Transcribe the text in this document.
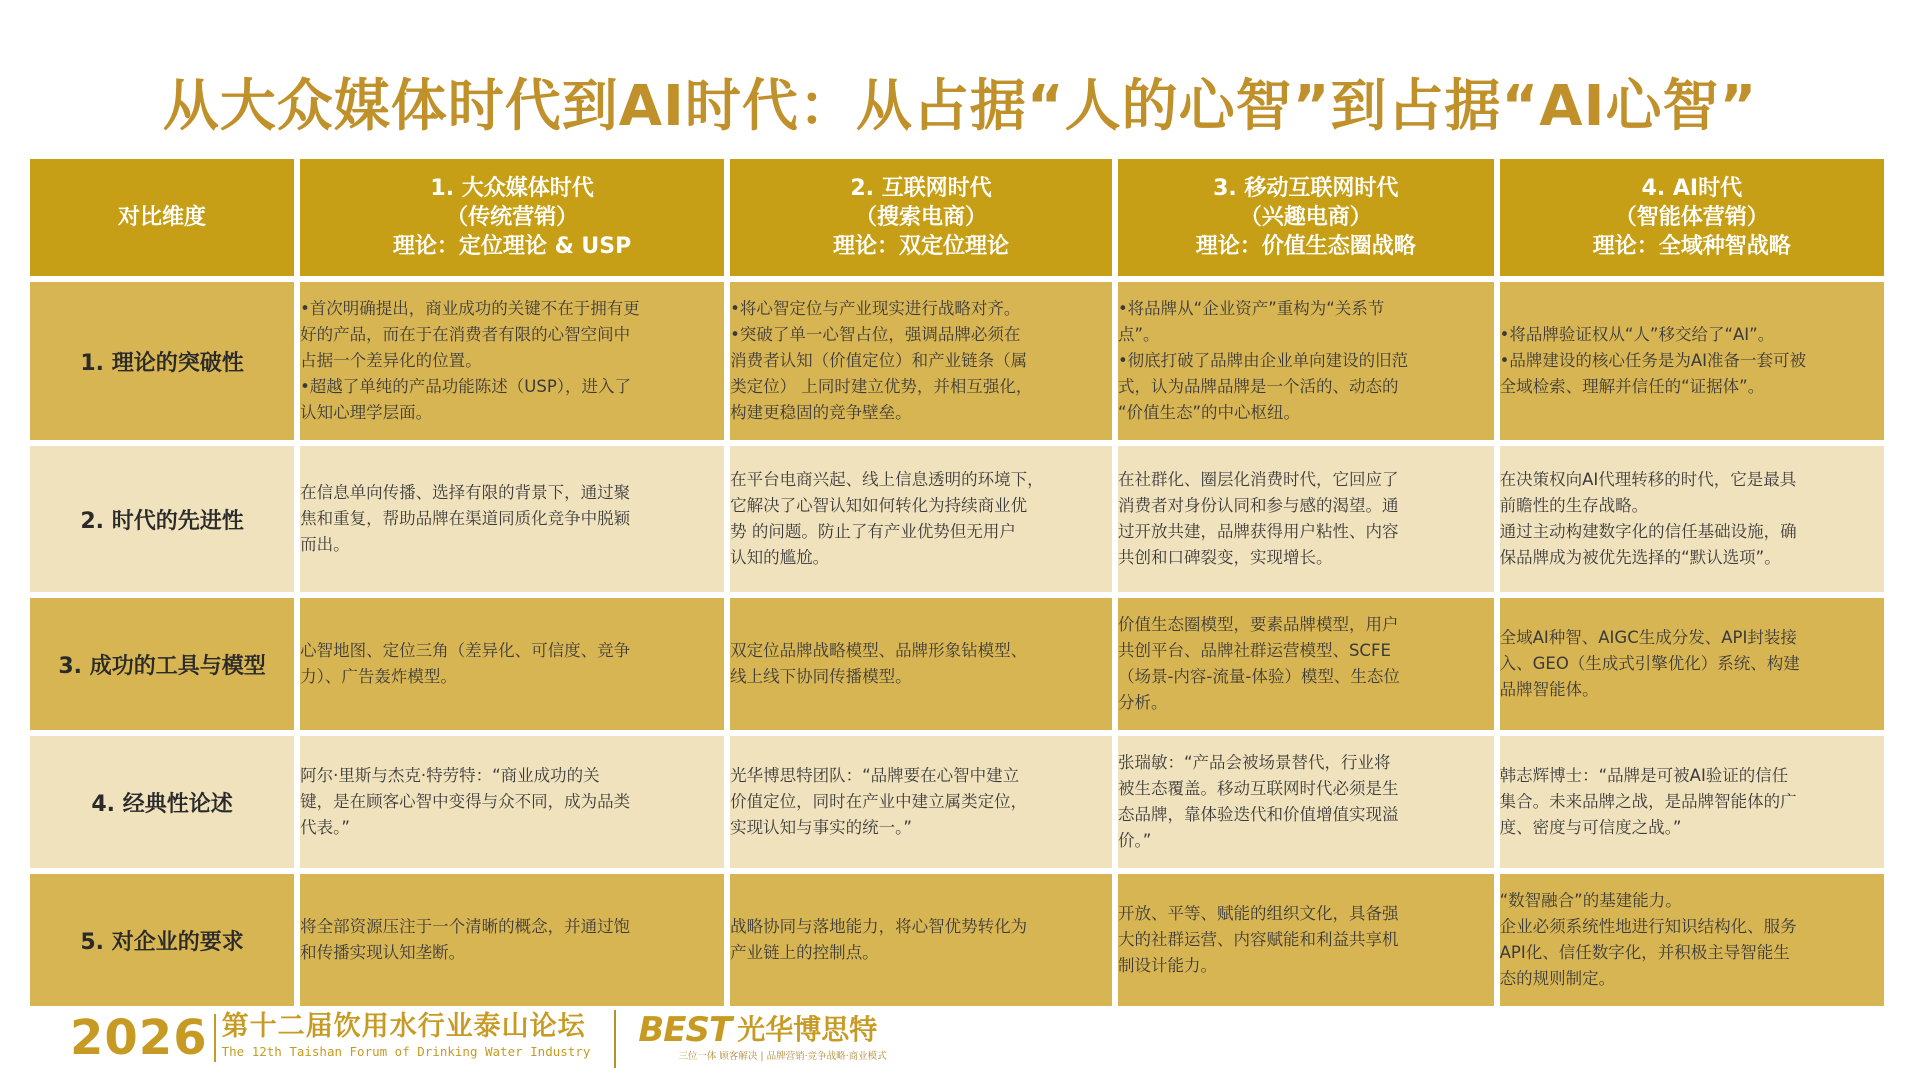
从大众媒体时代到AI时代：从占据“人的心智”到占据“AI心智”
对比维度	1. 大众媒体时代
（传统营销）
理论：定位理论 & USP	2. 互联网时代
（搜索电商）
理论：双定位理论	3. 移动互联网时代
（兴趣电商）
理论：价值生态圈战略	4. AI时代
（智能体营销）
理论：全域种智战略

1. 理论的突破性	•首次明确提出，商业成功的关键不在于拥有更
好的产品，而在于在消费者有限的心智空间中
占据一个差异化的位置。
•超越了单纯的产品功能陈述（USP），进入了
认知心理学层面。	•将心智定位与产业现实进行战略对齐。
•突破了单一心智占位，强调品牌必须在
消费者认知（价值定位）和产业链条（属
类定位） 上同时建立优势，并相互强化，
构建更稳固的竞争壁垒。	•将品牌从“企业资产”重构为“关系节
点”。
•彻底打破了品牌由企业单向建设的旧范
式，认为品牌品牌是一个活的、动态的
“价值生态”的中心枢纽。	•将品牌验证权从“人”移交给了“AI”。
•品牌建设的核心任务是为AI准备一套可被
全域检索、理解并信任的“证据体”。

2. 时代的先进性	在信息单向传播、选择有限的背景下，通过聚
焦和重复，帮助品牌在渠道同质化竞争中脱颖
而出。	在平台电商兴起、线上信息透明的环境下，
它解决了心智认知如何转化为持续商业优
势 的问题。防止了有产业优势但无用户
认知的尴尬。	在社群化、圈层化消费时代，它回应了
消费者对身份认同和参与感的渴望。通
过开放共建，品牌获得用户粘性、内容
共创和口碑裂变，实现增长。	在决策权向AI代理转移的时代，它是最具
前瞻性的生存战略。
通过主动构建数字化的信任基础设施，确
保品牌成为被优先选择的“默认选项”。

3. 成功的工具与模型	心智地图、定位三角（差异化、可信度、竞争
力）、广告轰炸模型。	双定位品牌战略模型、品牌形象钻模型、
线上线下协同传播模型。	价值生态圈模型，要素品牌模型，用户
共创平台、品牌社群运营模型、SCFE
（场景-内容-流量-体验）模型、生态位
分析。	全域AI种智、AIGC生成分发、API封装接
入、GEO（生成式引擎优化）系统、构建
品牌智能体。

4. 经典性论述	阿尔·里斯与杰克·特劳特：“商业成功的关
键，是在顾客心智中变得与众不同，成为品类
代表。”	光华博思特团队：“品牌要在心智中建立
价值定位，同时在产业中建立属类定位，
实现认知与事实的统一。”	张瑞敏：“产品会被场景替代，行业将
被生态覆盖。移动互联网时代必须是生
态品牌，靠体验迭代和价值增值实现溢
价。”	韩志辉博士：“品牌是可被AI验证的信任
集合。未来品牌之战，是品牌智能体的广
度、密度与可信度之战。”

5. 对企业的要求	将全部资源压注于一个清晰的概念，并通过饱
和传播实现认知垄断。	战略协同与落地能力，将心智优势转化为
产业链上的控制点。	开放、平等、赋能的组织文化，具备强
大的社群运营、内容赋能和利益共享机
制设计能力。	“数智融合”的基建能力。
企业必须系统性地进行知识结构化、服务
API化、信任数字化，并积极主导智能生
态的规则制定。
2026 第十二届饮用水行业泰山论坛
The 12th Taishan Forum of Drinking Water Industry
BEST 光华博思特
三位一体 顾客解决 | 品牌营销·竞争战略·商业模式
